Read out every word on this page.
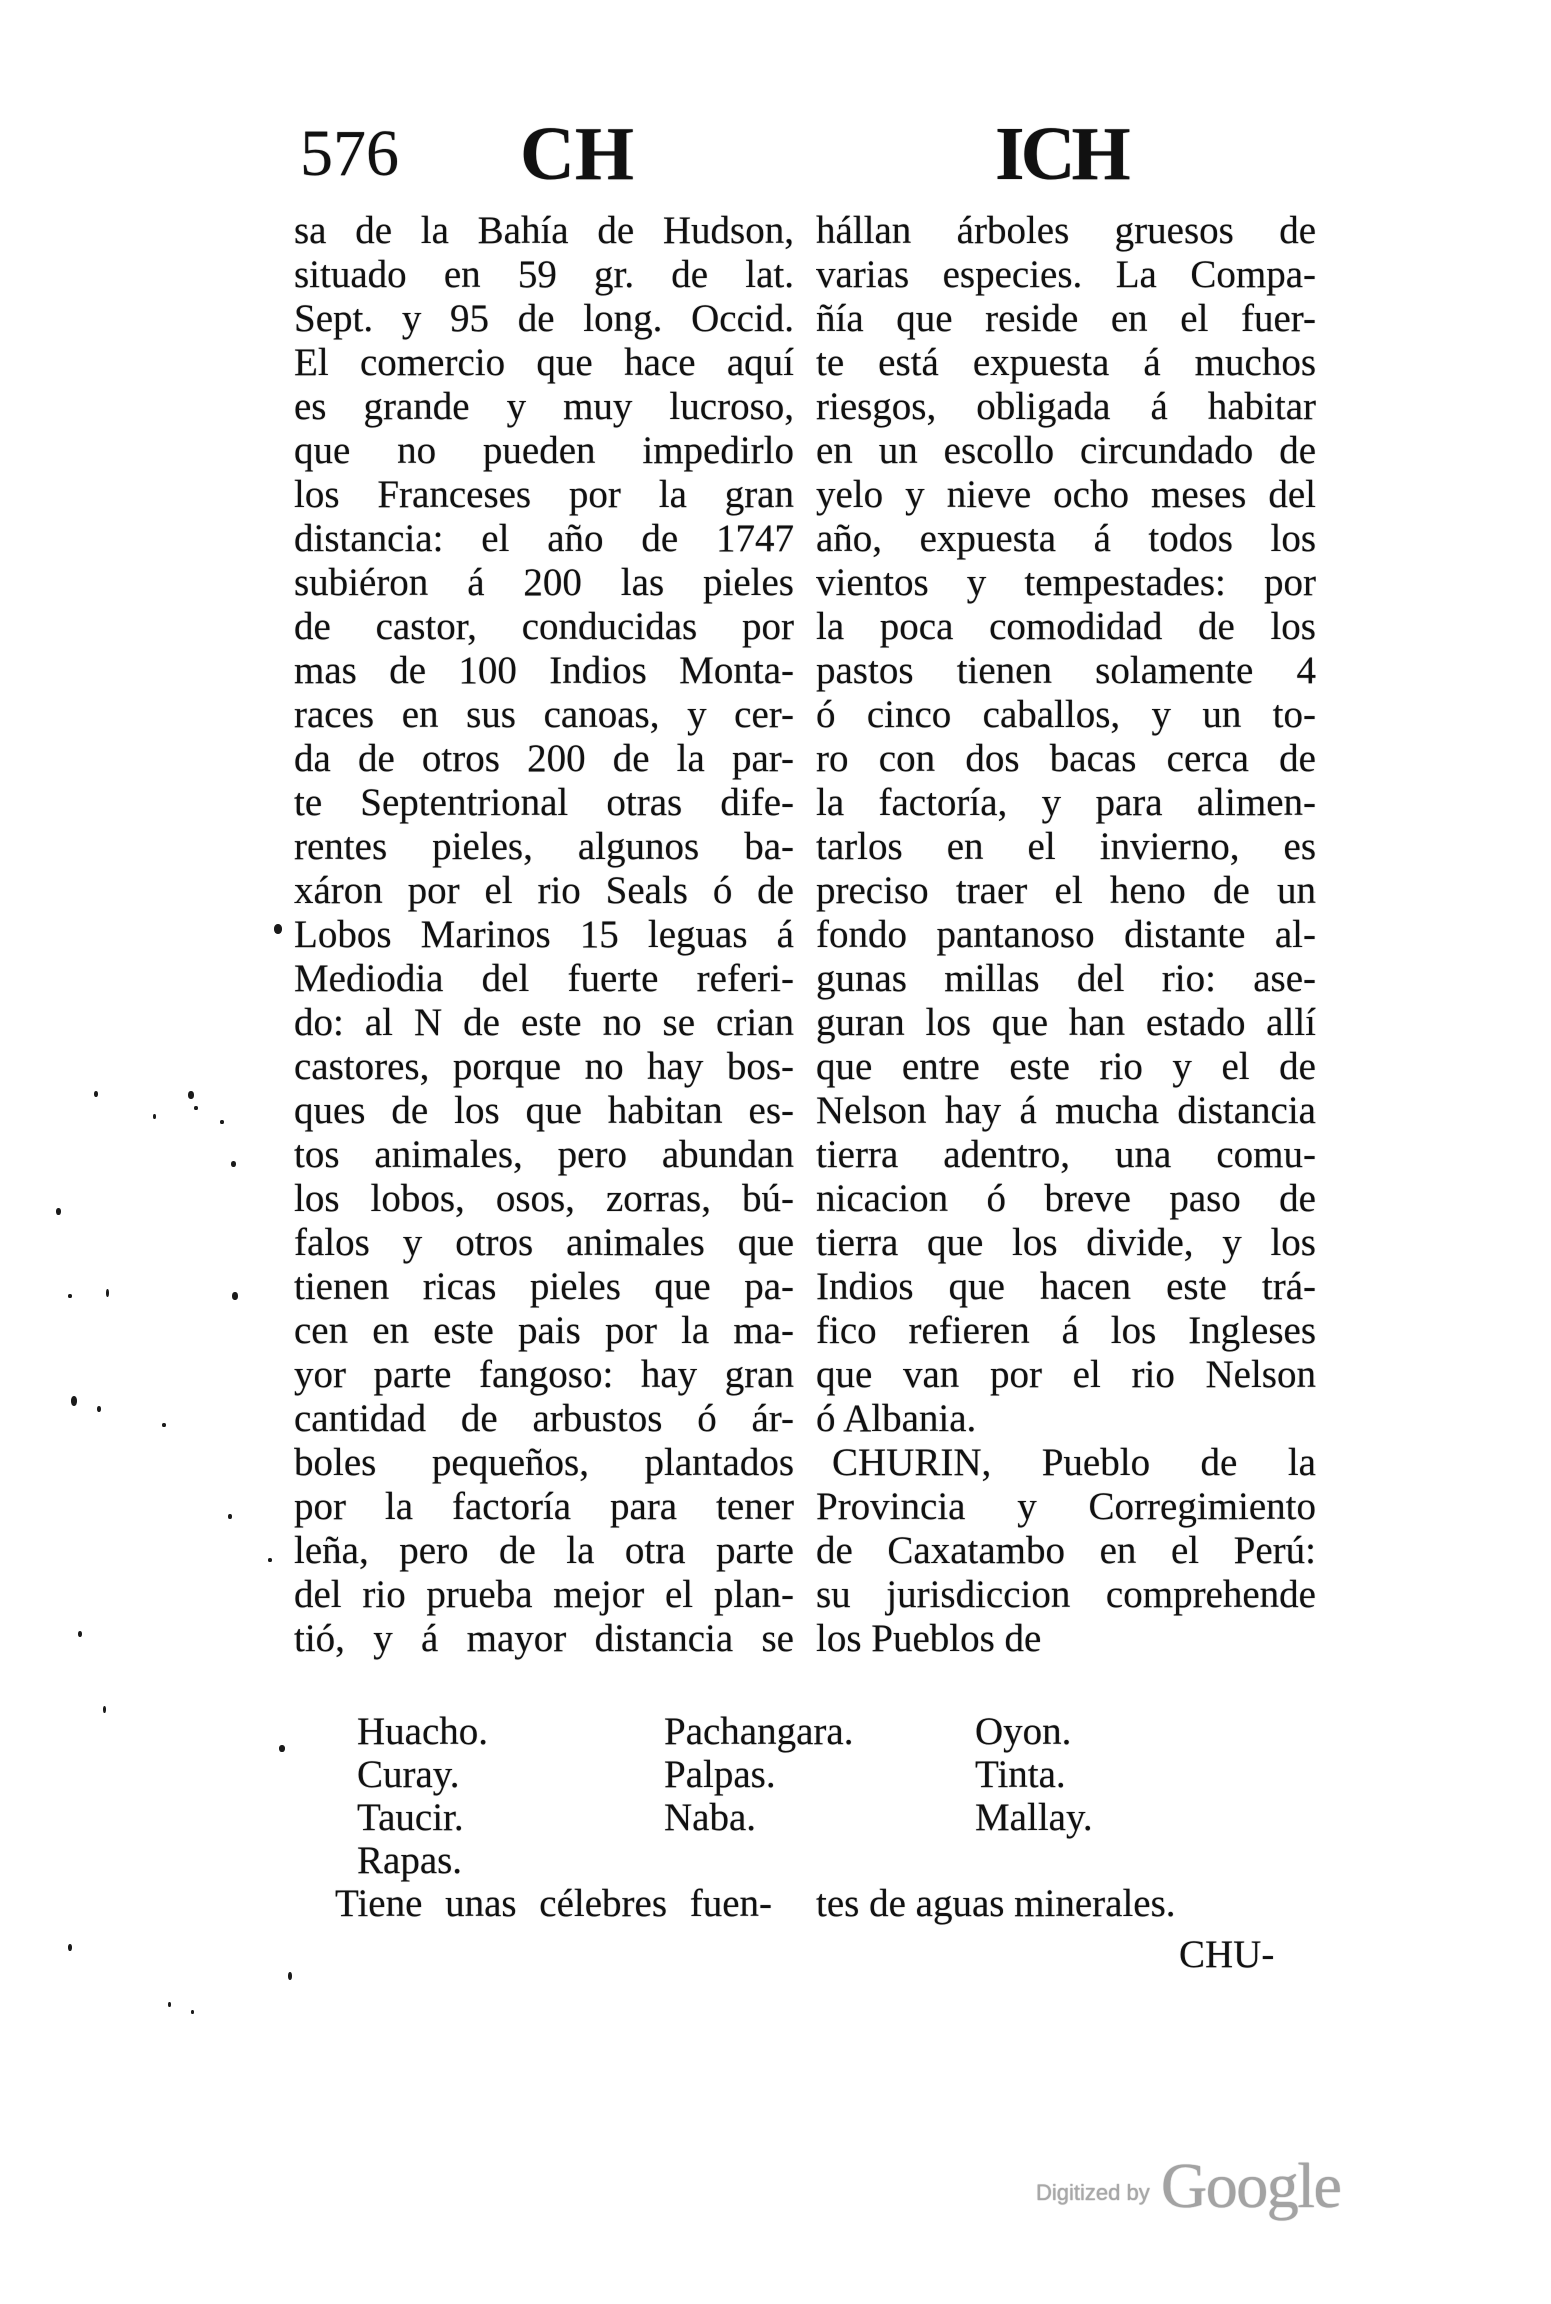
576 CH	ICH
sa de la Bahía de Hudson,
situado en 59 gr. de lat.
Sept. y 95 de long. Occid.
El comercio que hace aquí
es grande y muy lucroso,
que no pueden impedirlo
los Franceses por la gran
distancia: el año de 1747
subiéron á 200 las pieles
de castor, conducidas por
mas de 100 Indios Monta-
races en sus canoas, y cer-
da de otros 200 de la par-
te Septentrional otras dife-
rentes pieles, algunos ba-
xáron por el rio Seals ó de
Lobos Marinos 15 leguas á
Mediodia del fuerte referi-
do: al N de este no se crian
castores, porque no hay bos-
ques de los que habitan es-
tos animales, pero abundan
los lobos, osos, zorras, bú-
falos y otros animales que
tienen ricas pieles que pa-
cen en este pais por la ma-
yor parte fangoso: hay gran
cantidad de arbustos ó ár-
boles pequeños, plantados
por la factoría para tener
leña, pero de la otra parte
del rio prueba mejor el plan-
tió, y á mayor distancia se
hállan árboles gruesos de
varias especies. La Compa-
ñía que reside en el fuer-
te está expuesta á muchos
riesgos, obligada á habitar
en un escollo circundado de
yelo y nieve ocho meses del
año, expuesta á todos los
vientos y tempestades: por
la poca comodidad de los
pastos tienen solamente 4
ó cinco caballos, y un to-
ro con dos bacas cerca de
la factoría, y para alimen-
tarlos en el invierno, es
preciso traer el heno de un
fondo pantanoso distante al-
gunas millas del rio: ase-
guran los que han estado allí
que entre este rio y el de
Nelson hay á mucha distancia
tierra adentro, una comu-
nicacion ó breve paso de
tierra que los divide, y los
Indios que hacen este trá-
fico refieren á los Ingleses
que van por el rio Nelson
ó Albania.
CHURIN, Pueblo de la
Provincia y Corregimiento
de Caxatambo en el Perú:
su jurisdiccion comprehende
los Pueblos de
Huacho.	Pachangara.	Oyon.
Curay.	Palpas.	Tinta.
Taucir.	Naba.	Mallay.
Rapas.
Tiene unas célebres fuen- tes de aguas minerales.
CHU-
Digitized by Google
